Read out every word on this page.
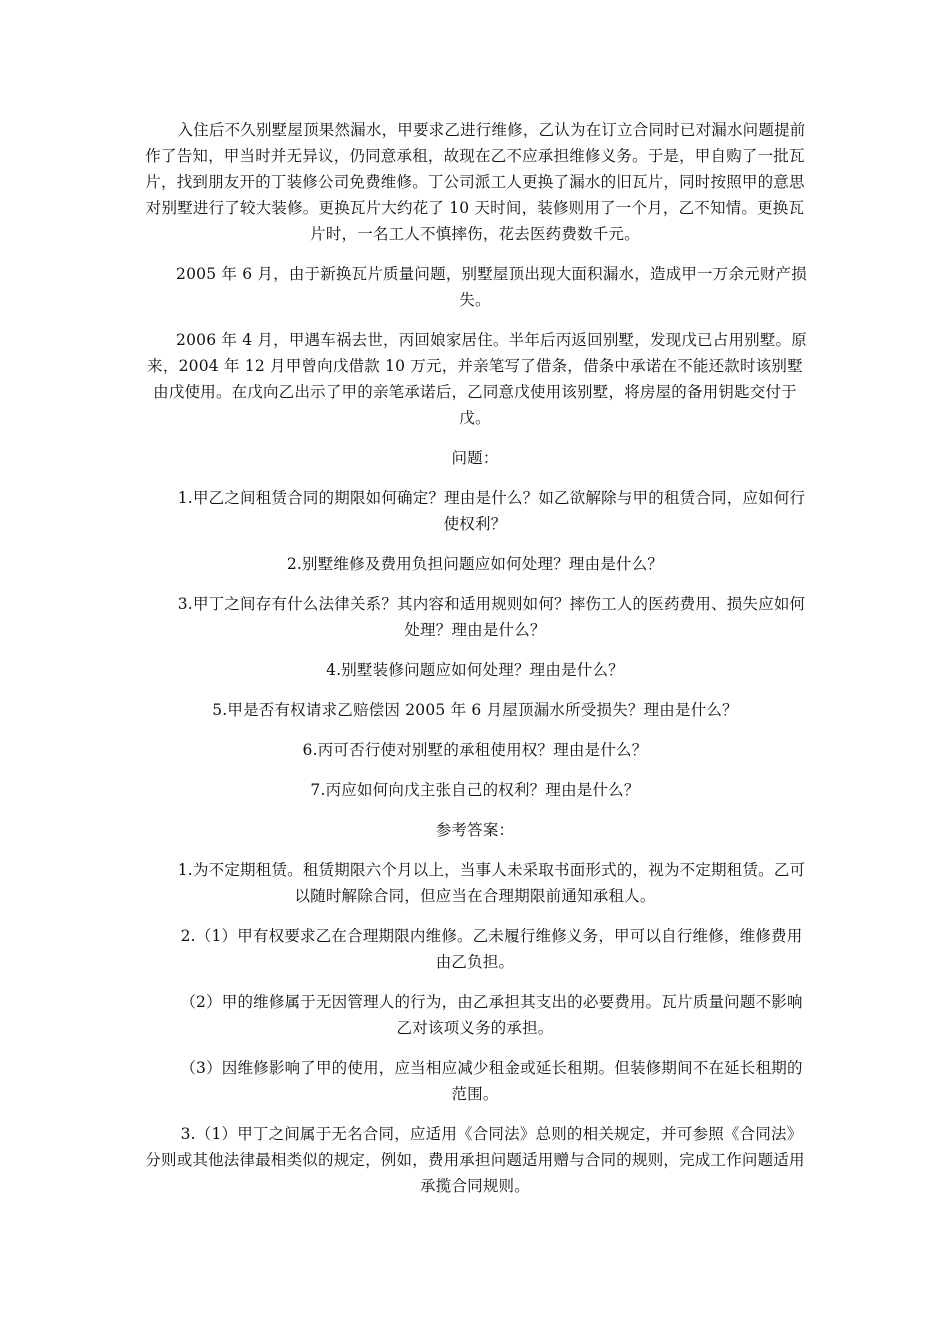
入住后不久别墅屋顶果然漏水，甲要求乙进行维修，乙认为在订立合同时已对漏水问题提前作了告知，甲当时并无异议，仍同意承租，故现在乙不应承担维修义务。于是，甲自购了一批瓦片，找到朋友开的丁装修公司免费维修。丁公司派工人更换了漏水的旧瓦片，同时按照甲的意思对别墅进行了较大装修。更换瓦片大约花了 10 天时间，装修则用了一个月，乙不知情。更换瓦片时，一名工人不慎摔伤，花去医药费数千元。

2005 年 6 月，由于新换瓦片质量问题，别墅屋顶出现大面积漏水，造成甲一万余元财产损失。

2006 年 4 月，甲遇车祸去世，丙回娘家居住。半年后丙返回别墅，发现戊已占用别墅。原来，2004 年 12 月甲曾向戊借款 10 万元，并亲笔写了借条，借条中承诺在不能还款时该别墅由戊使用。在戊向乙出示了甲的亲笔承诺后，乙同意戊使用该别墅，将房屋的备用钥匙交付于戊。

问题：

1.甲乙之间租赁合同的期限如何确定？理由是什么？如乙欲解除与甲的租赁合同，应如何行使权利？

2.别墅维修及费用负担问题应如何处理？理由是什么？

3.甲丁之间存有什么法律关系？其内容和适用规则如何？摔伤工人的医药费用、损失应如何处理？理由是什么？

4.别墅装修问题应如何处理？理由是什么？

5.甲是否有权请求乙赔偿因 2005 年 6 月屋顶漏水所受损失？理由是什么？

6.丙可否行使对别墅的承租使用权？理由是什么？

7.丙应如何向戊主张自己的权利？理由是什么？

参考答案：

1.为不定期租赁。租赁期限六个月以上，当事人未采取书面形式的，视为不定期租赁。乙可以随时解除合同，但应当在合理期限前通知承租人。

2.（1）甲有权要求乙在合理期限内维修。乙未履行维修义务，甲可以自行维修，维修费用由乙负担。

（2）甲的维修属于无因管理人的行为，由乙承担其支出的必要费用。瓦片质量问题不影响乙对该项义务的承担。

（3）因维修影响了甲的使用，应当相应减少租金或延长租期。但装修期间不在延长租期的范围。

3.（1）甲丁之间属于无名合同，应适用《合同法》总则的相关规定，并可参照《合同法》分则或其他法律最相类似的规定，例如，费用承担问题适用赠与合同的规则，完成工作问题适用承揽合同规则。
